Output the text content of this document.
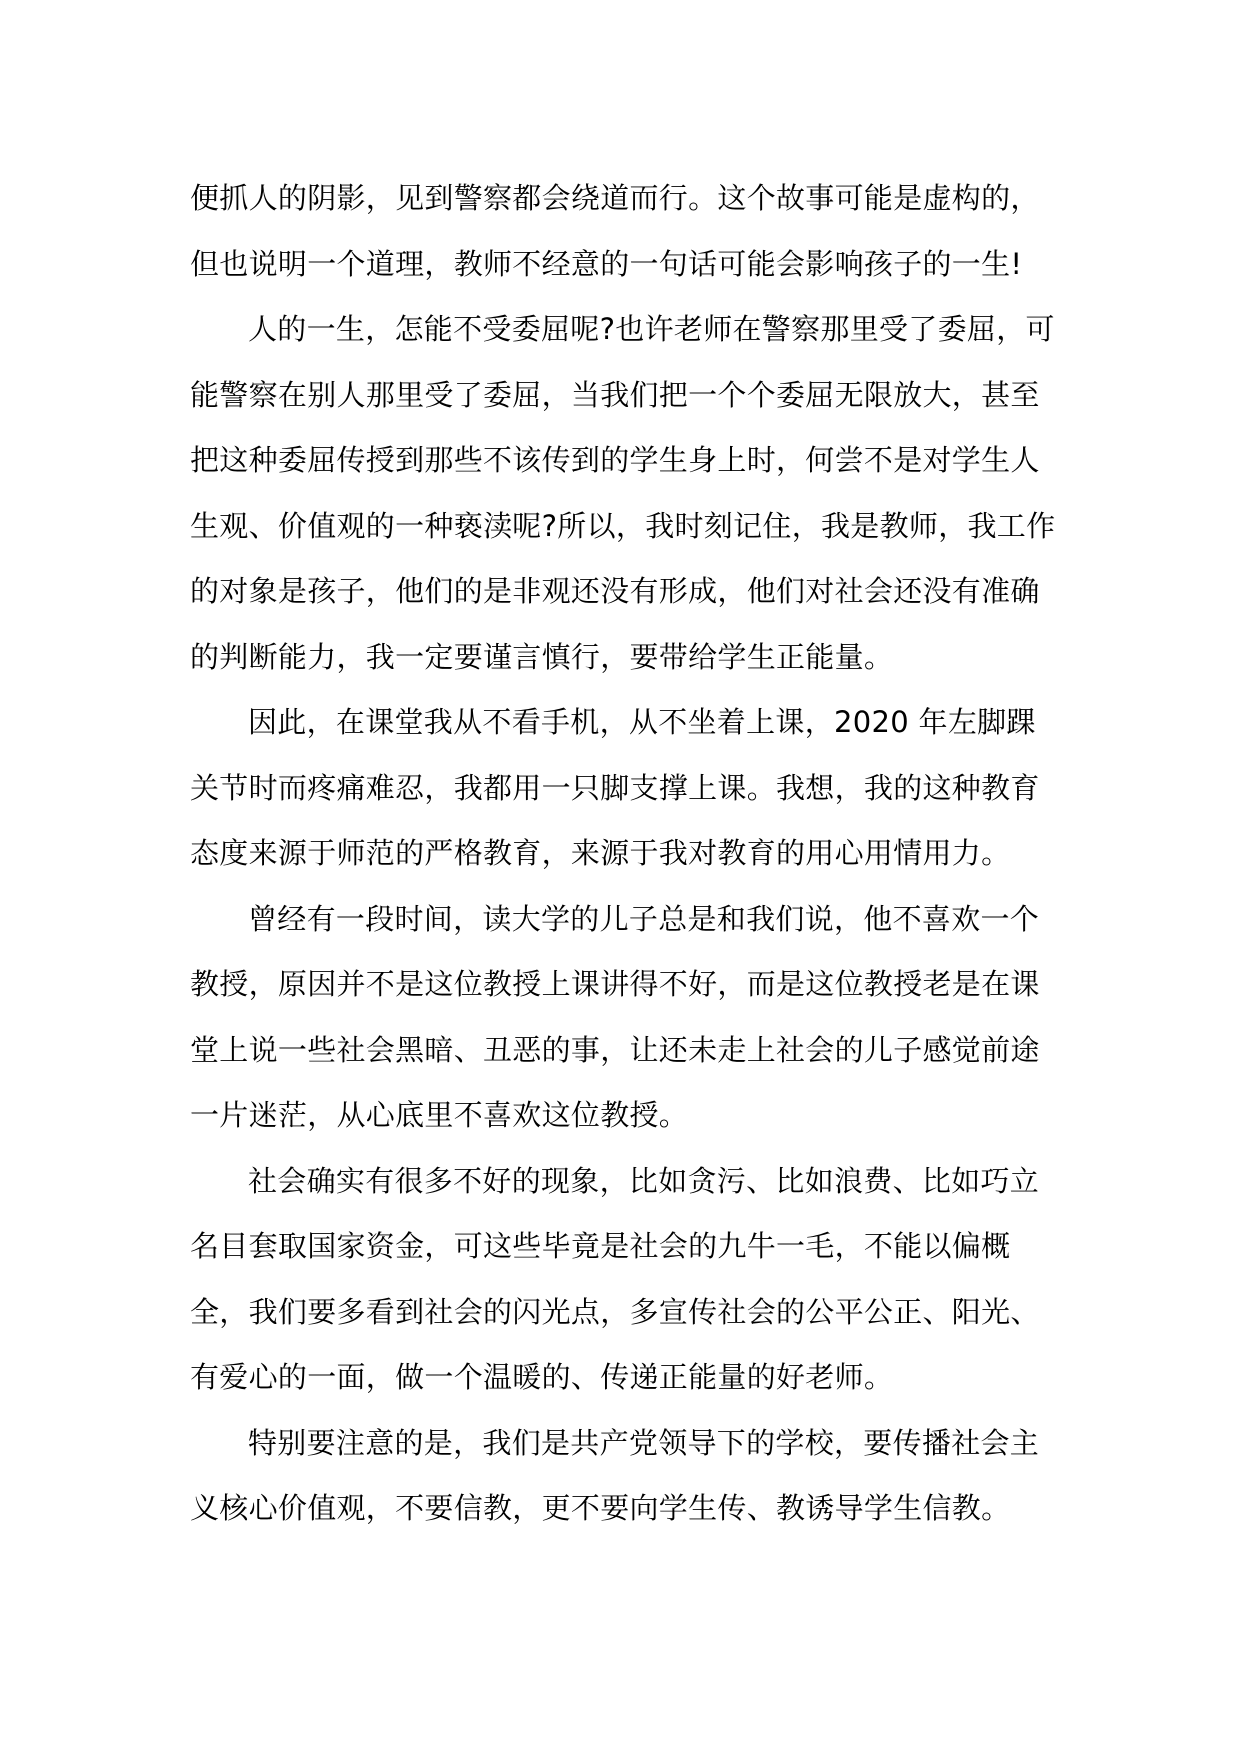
便抓人的阴影，见到警察都会绕道而行。这个故事可能是虚构的，
但也说明一个道理，教师不经意的一句话可能会影响孩子的一生!
人的一生，怎能不受委屈呢?也许老师在警察那里受了委屈，可
能警察在别人那里受了委屈，当我们把一个个委屈无限放大，甚至
把这种委屈传授到那些不该传到的学生身上时，何尝不是对学生人
生观、价值观的一种亵渎呢?所以，我时刻记住，我是教师，我工作
的对象是孩子，他们的是非观还没有形成，他们对社会还没有准确
的判断能力，我一定要谨言慎行，要带给学生正能量。
因此，在课堂我从不看手机，从不坐着上课，2020 年左脚踝
关节时而疼痛难忍，我都用一只脚支撑上课。我想，我的这种教育
态度来源于师范的严格教育，来源于我对教育的用心用情用力。
曾经有一段时间，读大学的儿子总是和我们说，他不喜欢一个
教授，原因并不是这位教授上课讲得不好，而是这位教授老是在课
堂上说一些社会黑暗、丑恶的事，让还未走上社会的儿子感觉前途
一片迷茫，从心底里不喜欢这位教授。
社会确实有很多不好的现象，比如贪污、比如浪费、比如巧立
名目套取国家资金，可这些毕竟是社会的九牛一毛，不能以偏概
全，我们要多看到社会的闪光点，多宣传社会的公平公正、阳光、
有爱心的一面，做一个温暖的、传递正能量的好老师。
特别要注意的是，我们是共产党领导下的学校，要传播社会主
义核心价值观，不要信教，更不要向学生传、教诱导学生信教。
